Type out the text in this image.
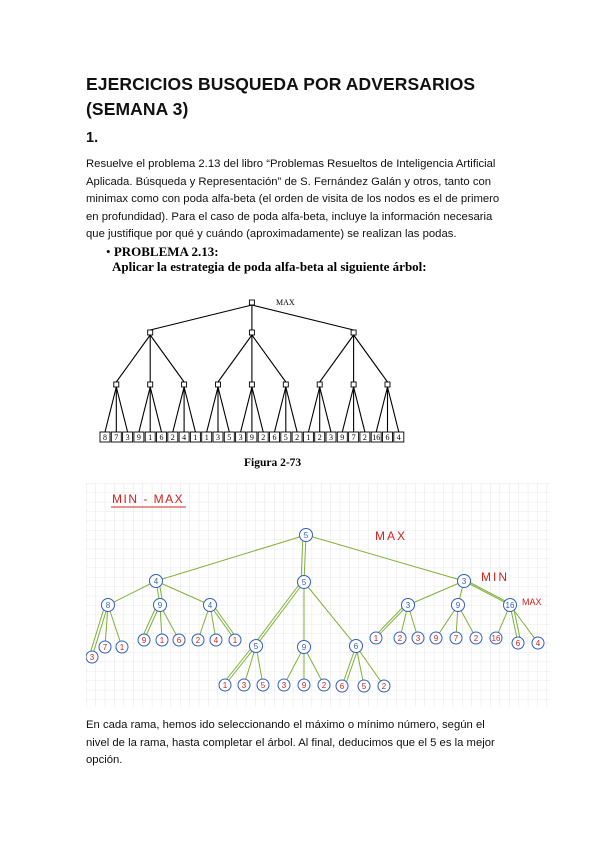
EJERCICIOS BUSQUEDA POR ADVERSARIOS
(SEMANA 3)
1.
Resuelve el problema 2.13 del libro “Problemas Resueltos de Inteligencia Artificial
Aplicada. Búsqueda y Representación” de S. Fernández Galán y otros, tanto con
minimax como con poda alfa-beta (el orden de visita de los nodos es el de primero
en profundidad). Para el caso de poda alfa-beta, incluye la información necesaria
que justifique por qué y cuándo (aproximadamente) se realizan las podas.
• PROBLEMA 2.13:
Aplicar la estrategia de poda alfa-beta al siguiente árbol:
MAX
Figura 2-73
8 7 3 9 1 6 2 4 1 1 3 5 3 9 2 6 5 2 1 2 3 9 7 2 16 6 4
5
4	5	3
8	9	4
5	9	6
3	9	16
3
7 1
9 1 6 2 4 1	1 2 3 9 7 2 16
6 4
1 3 5 3 9 2 6 5 2
MIN - MAX
MAX
MIN
MAX
En cada rama, hemos ido seleccionando el máximo o mínimo número, según el
nivel de la rama, hasta completar el árbol. Al final, deducimos que el 5 es la mejor
opción.
